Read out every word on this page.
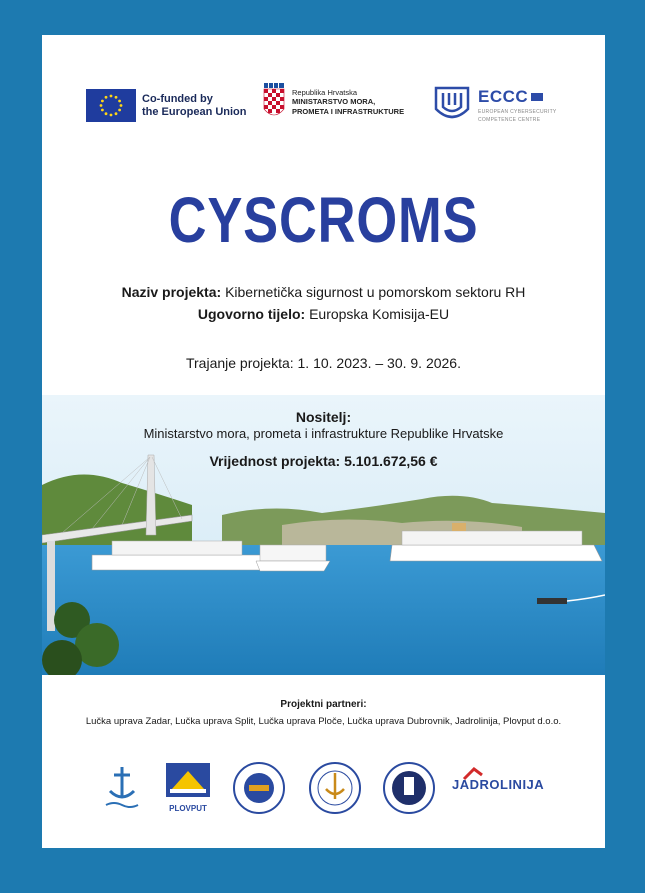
Co-funded by
the European Union
Republika Hrvatska
MINISTARSTVO MORA,
PROMETA I INFRASTRUKTURE
ECCC
EUROPEAN CYBERSECURITY
COMPETENCE CENTRE
CYSCROMS
Naziv projekta: Kibernetička sigurnost u pomorskom sektoru RH
Ugovorno tijelo: Europska Komisija-EU
Trajanje projekta: 1. 10. 2023. – 30. 9. 2026.
Nositelj:
Ministarstvo mora, prometa i infrastrukture Republike Hrvatske
Vrijednost projekta: 5.101.672,56 €
Projektni partneri:
Lučka uprava Zadar, Lučka uprava Split, Lučka uprava Ploče, Lučka uprava Dubrovnik, Jadrolinija, Plovput d.o.o.
PLOVPUT
JADROLINIJA
